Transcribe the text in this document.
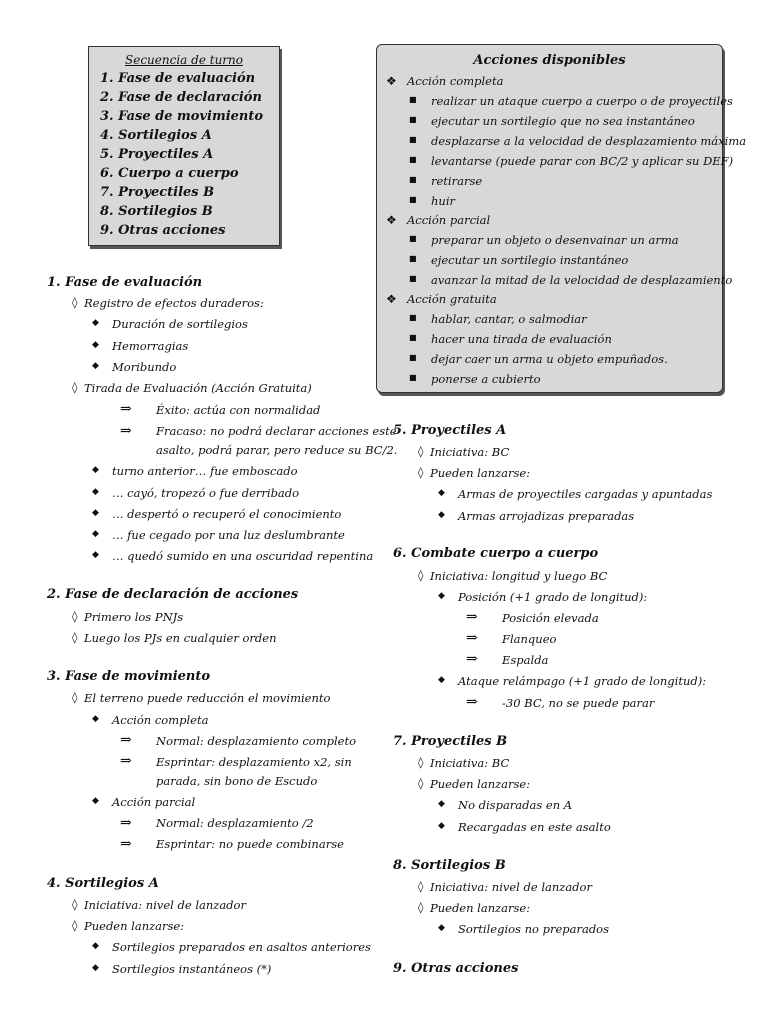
Secuencia de turno
1. Fase de evaluación
2. Fase de declaración
3. Fase de movimiento
4. Sortilegios A
5. Proyectiles A
6. Cuerpo a cuerpo
7. Proyectiles B
8. Sortilegios B
9. Otras acciones
Acciones disponibles
❖ Acción completa
■ realizar un ataque cuerpo a cuerpo o de proyectiles
■ ejecutar un sortilegio que no sea instantáneo
■ desplazarse a la velocidad de desplazamiento máxima
■ levantarse (puede parar con BC/2 y aplicar su DEF)
■ retirarse
■ huir
❖ Acción parcial
■ preparar un objeto o desenvainar un arma
■ ejecutar un sortilegio instantáneo
■ avanzar la mitad de la velocidad de desplazamiento
❖ Acción gratuita
■ hablar, cantar, o salmodiar
■ hacer una tirada de evaluación
■ dejar caer un arma u objeto empuñados.
■ ponerse a cubierto
1. Fase de evaluación
◊ Registro de efectos duraderos:
◆ Duración de sortilegios
◆ Hemorragias
◆ Moribundo
◊ Tirada de Evaluación (Acción Gratuita)
⇒ Éxito: actúa con normalidad
⇒ Fracaso: no podrá declarar acciones este
asalto, podrá parar, pero reduce su BC/2.
◆ turno anterior… fue emboscado
◆ … cayó, tropezó o fue derribado
◆ … despertó o recuperó el conocimiento
◆ … fue cegado por una luz deslumbrante
◆ … quedó sumido en una oscuridad repentina
2. Fase de declaración de acciones
◊ Primero los PNJs
◊ Luego los PJs en cualquier orden
3. Fase de movimiento
◊ El terreno puede reducción el movimiento
◆ Acción completa
⇒ Normal: desplazamiento completo
⇒ Esprintar: desplazamiento x2, sin
parada, sin bono de Escudo
◆ Acción parcial
⇒ Normal: desplazamiento /2
⇒ Esprintar: no puede combinarse
4. Sortilegios A
◊ Iniciativa: nivel de lanzador
◊ Pueden lanzarse:
◆ Sortilegios preparados en asaltos anteriores
◆ Sortilegios instantáneos (*)
5. Proyectiles A
◊ Iniciativa: BC
◊ Pueden lanzarse:
◆ Armas de proyectiles cargadas y apuntadas
◆ Armas arrojadizas preparadas
6. Combate cuerpo a cuerpo
◊ Iniciativa: longitud y luego BC
◆ Posición (+1 grado de longitud):
⇒ Posición elevada
⇒ Flanqueo
⇒ Espalda
◆ Ataque relámpago (+1 grado de longitud):
⇒ -30 BC, no se puede parar
7. Proyectiles B
◊ Iniciativa: BC
◊ Pueden lanzarse:
◆ No disparadas en A
◆ Recargadas en este asalto
8. Sortilegios B
◊ Iniciativa: nivel de lanzador
◊ Pueden lanzarse:
◆ Sortilegios no preparados
9. Otras acciones
